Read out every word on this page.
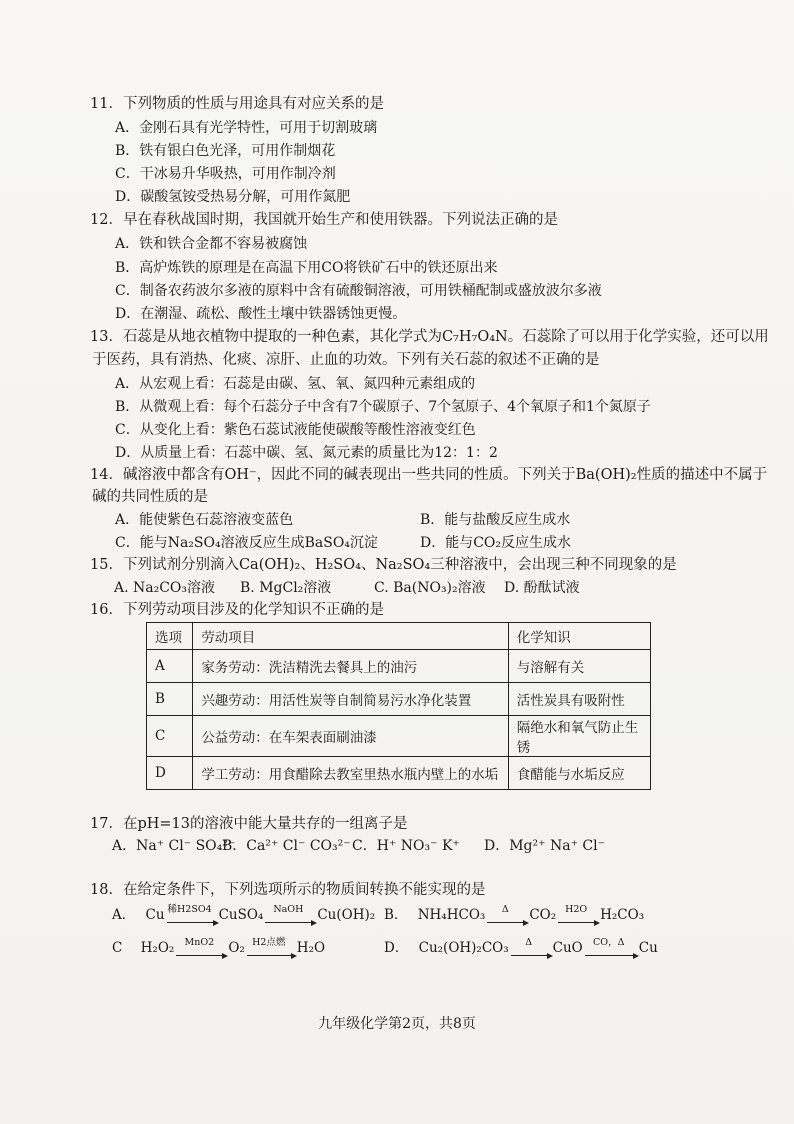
11．下列物质的性质与用途具有对应关系的是
A．金刚石具有光学特性，可用于切割玻璃
B．铁有银白色光泽，可用作制烟花
C．干冰易升华吸热，可用作制冷剂
D．碳酸氢铵受热易分解，可用作氮肥
12．早在春秋战国时期，我国就开始生产和使用铁器。下列说法正确的是
A．铁和铁合金都不容易被腐蚀
B．高炉炼铁的原理是在高温下用CO将铁矿石中的铁还原出来
C．制备农药波尔多液的原料中含有硫酸铜溶液，可用铁桶配制或盛放波尔多液
D．在潮湿、疏松、酸性土壤中铁器锈蚀更慢。
13．石蕊是从地衣植物中提取的一种色素，其化学式为C₇H₇O₄N。石蕊除了可以用于化学实验，还可以用
于医药，具有消热、化痰、凉肝、止血的功效。下列有关石蕊的叙述不正确的是
A．从宏观上看：石蕊是由碳、氢、氧、氮四种元素组成的
B．从微观上看：每个石蕊分子中含有7个碳原子、7个氢原子、4个氧原子和1个氮原子
C．从变化上看：紫色石蕊试液能使碳酸等酸性溶液变红色
D．从质量上看：石蕊中碳、氢、氮元素的质量比为12：1：2
14．碱溶液中都含有OH⁻，因此不同的碱表现出一些共同的性质。下列关于Ba(OH)₂性质的描述中不属于
碱的共同性质的是
A．能使紫色石蕊溶液变蓝色	B．能与盐酸反应生成水
C．能与Na₂SO₄溶液反应生成BaSO₄沉淀	D．能与CO₂反应生成水
15．下列试剂分别滴入Ca(OH)₂、H₂SO₄、Na₂SO₄三种溶液中，会出现三种不同现象的是
A. Na₂CO₃溶液 B. MgCl₂溶液	C. Ba(NO₃)₂溶液 D. 酚酞试液
16．下列劳动项目涉及的化学知识不正确的是
选项	劳动项目	化学知识
A	家务劳动：洗洁精洗去餐具上的油污	与溶解有关
B	兴趣劳动：用活性炭等自制简易污水净化装置	活性炭具有吸附性
C	公益劳动：在车架表面刷油漆	隔绝水和氧气防止生锈
D	学工劳动：用食醋除去教室里热水瓶内壁上的水垢	食醋能与水垢反应
17．在pH=13的溶液中能大量共存的一组离子是
A．Na⁺ Cl⁻ SO₄²⁻
B．Ca²⁺ Cl⁻ CO₃²⁻ C．H⁺ NO₃⁻ K⁺ D．Mg²⁺ Na⁺ Cl⁻
18．在给定条件下，下列选项所示的物质间转换不能实现的是
A． Cu 稀H2SO4 CuSO₄	NaOH	Cu(OH)₂ B． NH₄HCO₃	Δ	CO₂ H2O H₂CO₃
C H₂O₂	MnO2	O₂ H2点燃 H₂O	D． Cu₂(OH)₂CO₃	Δ	CuO	CO，Δ	Cu
九年级化学第2页，共8页
